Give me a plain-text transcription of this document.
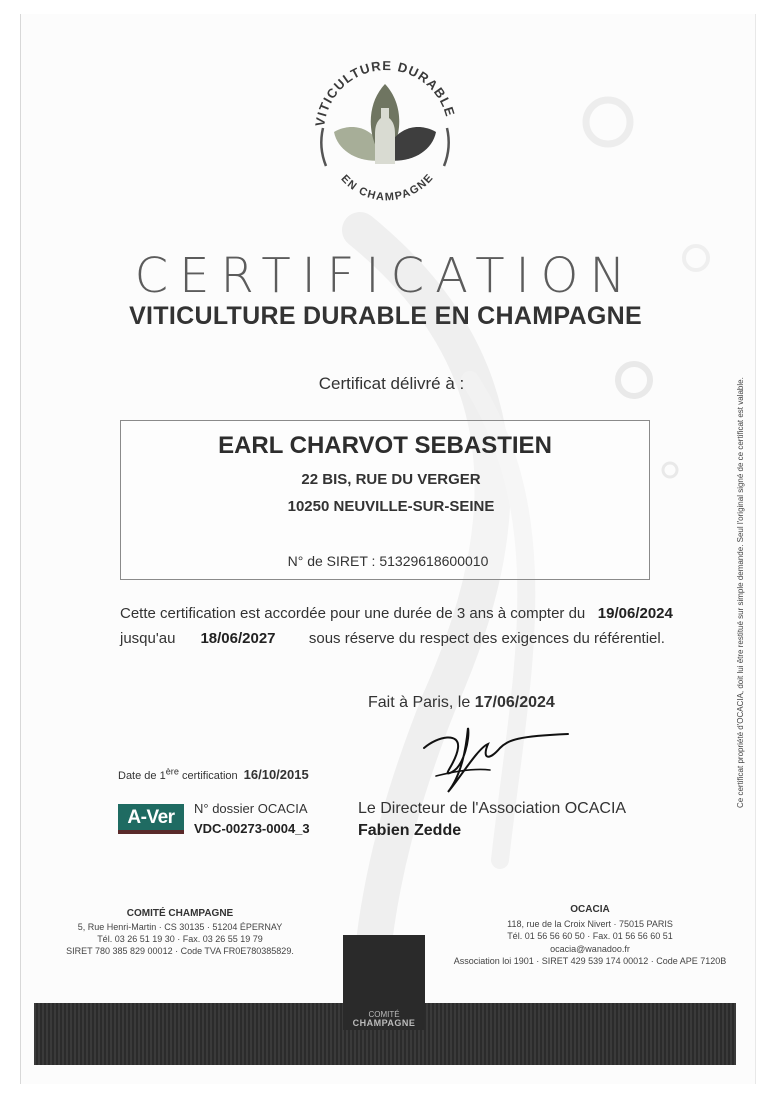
VITICULTURE DURABLE
EN CHAMPAGNE
CERTIFICATION
VITICULTURE DURABLE EN CHAMPAGNE
Certificat délivré à :
EARL CHARVOT SEBASTIEN
22 BIS, RUE DU VERGER
10250 NEUVILLE-SUR-SEINE
N° de SIRET : 51329618600010
Cette certification est accordée pour une durée de 3 ans à compter du 19/06/2024
jusqu'au 18/06/2027 sous réserve du respect des exigences du référentiel.
Fait à Paris, le 17/06/2024
Date de 1ère certification 16/10/2015
A-Ver	N° dossier OCACIA
VDC-00273-0004_3
Le Directeur de l'Association OCACIA
Fabien Zedde
COMITÉ CHAMPAGNE
5, Rue Henri-Martin · CS 30135 · 51204 ÉPERNAY
Tél. 03 26 51 19 30 · Fax. 03 26 55 19 79
SIRET 780 385 829 00012 · Code TVA FR0E780385829.
OCACIA
118, rue de la Croix Nivert · 75015 PARIS
Tél. 01 56 56 60 50 · Fax. 01 56 56 60 51
ocacia@wanadoo.fr
Association loi 1901 · SIRET 429 539 174 00012 · Code APE 7120B
COMITÉ
CHAMPAGNE
Ce certificat propriété d'OCACIA, doit lui être restitué sur simple demande. Seul l'original signé de ce certificat est valable.
